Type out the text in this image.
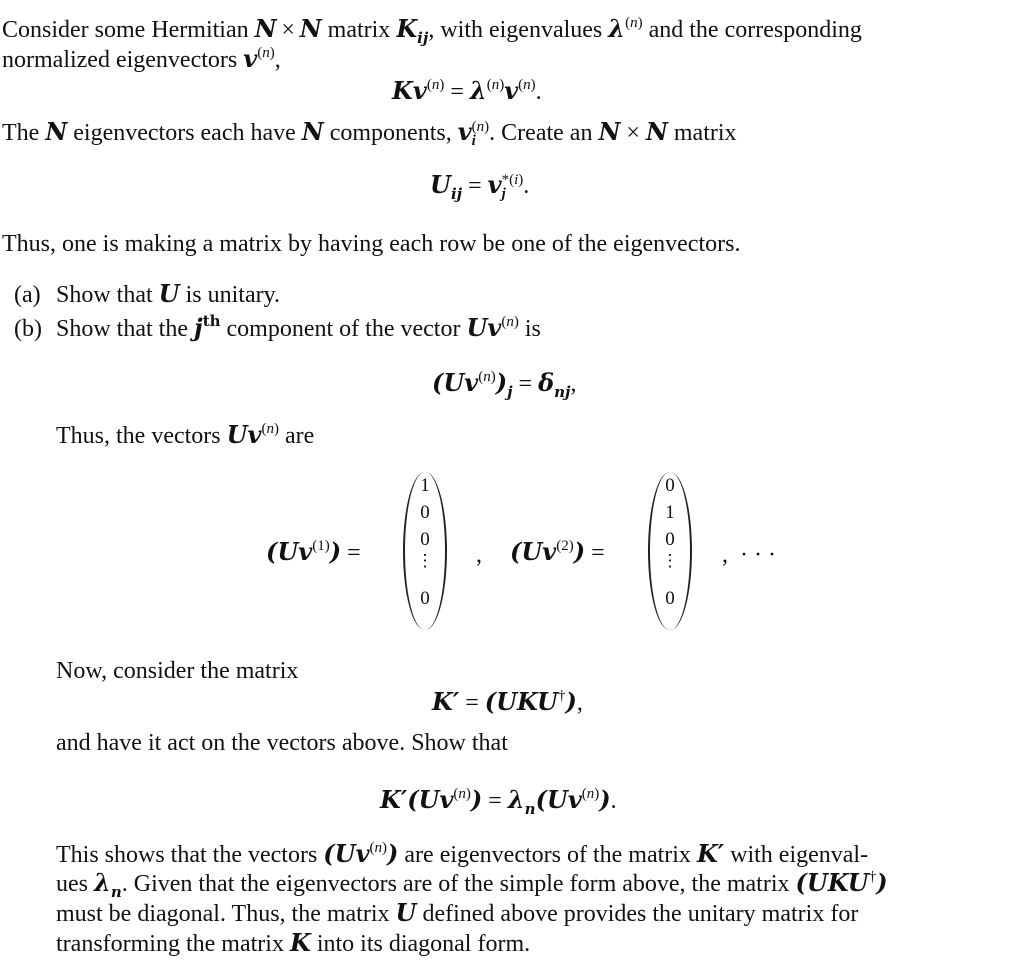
Consider some Hermitian N × N matrix $K_{ij}$, with eigenvalues $\lambda^{(n)}$ and the corresponding
normalized eigenvectors $v^{(n)}$,
$Kv^{(n)} = \lambda^{(n)}v^{(n)}$.
The N eigenvectors each have N components, v (n)
i . Create an N × N matrix
$U_{ij} = v$ *(i)
j .
Thus, one is making a matrix by having each row be one of the eigenvectors.
(a) Show that U is unitary.
(b) Show that the $j^{th}$ component of the vector Uv$^{(n)}$ is
$(Uv^{(n)})_j = \delta_{nj}$,
Thus, the vectors Uv$^{(n)}$ are
$(Uv^{(1)})$ =
1
0
0
⋮
0
, $(Uv^{(2)})$ =
0
1
0
⋮
0
,  · · ·
Now, consider the matrix
K′ = (UKU†),
and have it act on the vectors above. Show that
$K'(Uv^{(n)}) = \lambda_n(Uv^{(n)})$.
This shows that the vectors (Uv$^{(n)}$) are eigenvectors of the matrix K′ with eigenval-
ues $\lambda_n$. Given that the eigenvectors are of the simple form above, the matrix (UKU†)
must be diagonal. Thus, the matrix U defined above provides the unitary matrix for
transforming the matrix K into its diagonal form.
